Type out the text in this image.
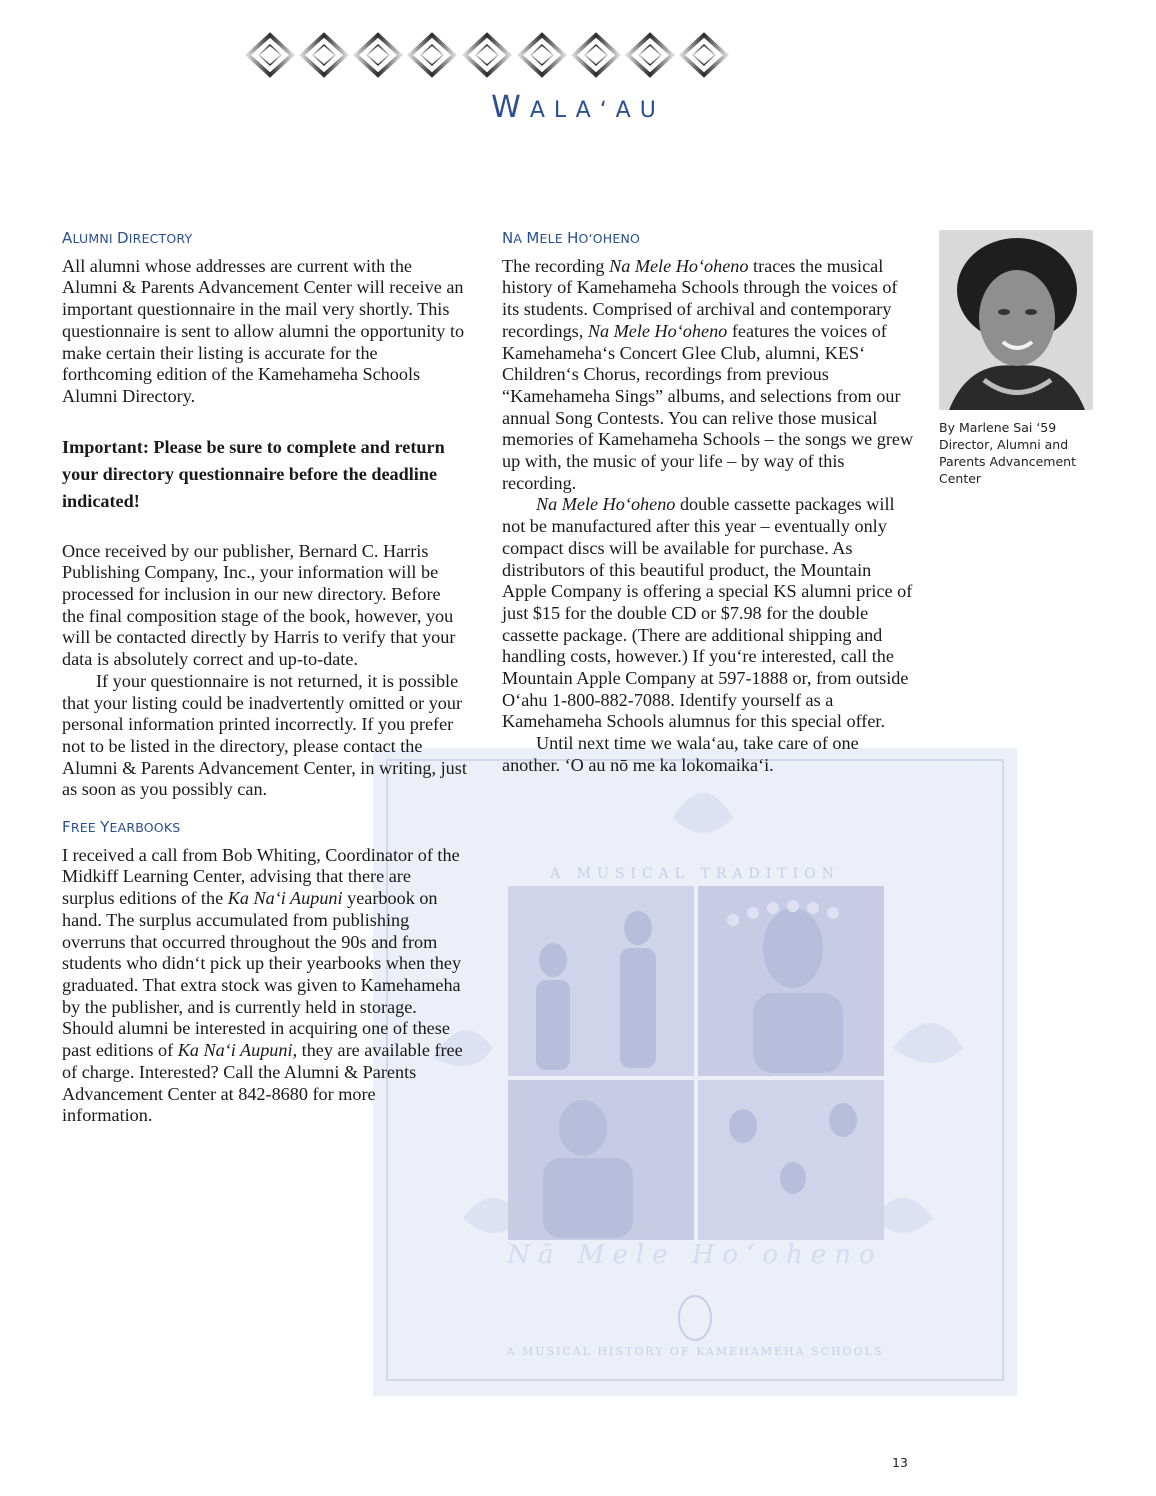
WALA‘AU
A MUSICAL TRADITION
Nā Mele Ho‘oheno
A MUSICAL HISTORY OF KAMEHAMEHA SCHOOLS
ALUMNI DIRECTORY

All alumni whose addresses are current with the Alumni & Parents Advancement Center will receive an important questionnaire in the mail very shortly. This questionnaire is sent to allow alumni the opportunity to make certain their listing is accurate for the forthcoming edition of the Kamehameha Schools Alumni Directory.

Important: Please be sure to complete and return your directory questionnaire before the deadline indicated!

Once received by our publisher, Bernard C. Harris Publishing Company, Inc., your information will be processed for inclusion in our new directory. Before the final composition stage of the book, however, you will be contacted directly by Harris to verify that your data is absolutely correct and up-to-date.

If your questionnaire is not returned, it is possible that your listing could be inadvertently omitted or your personal information printed incorrectly. If you prefer not to be listed in the directory, please contact the Alumni & Parents Advancement Center, in writing, just as soon as you possibly can.

FREE YEARBOOKS

I received a call from Bob Whiting, Coordinator of the Midkiff Learning Center, advising that there are surplus editions of the Ka Na‘i Aupuni yearbook on hand. The surplus accumulated from publishing overruns that occurred throughout the 90s and from students who didn‘t pick up their yearbooks when they graduated. That extra stock was given to Kamehameha by the publisher, and is currently held in storage. Should alumni be interested in acquiring one of these past editions of Ka Na‘i Aupuni, they are available free of charge. Interested? Call the Alumni & Parents Advancement Center at 842-8680 for more information.

NA MELE HO‘OHENO

The recording Na Mele Ho‘oheno traces the musical history of Kamehameha Schools through the voices of its students. Comprised of archival and contemporary recordings, Na Mele Ho‘oheno features the voices of Kamehameha‘s Concert Glee Club, alumni, KES‘ Children‘s Chorus, recordings from previous “Kamehameha Sings” albums, and selections from our annual Song Contests. You can relive those musical memories of Kamehameha Schools – the songs we grew up with, the music of your life – by way of this recording.

Na Mele Ho‘oheno double cassette packages will not be manufactured after this year – eventually only compact discs will be available for purchase. As distributors of this beautiful product, the Mountain Apple Company is offering a special KS alumni price of just $15 for the double CD or $7.98 for the double cassette package. (There are additional shipping and handling costs, however.) If you‘re interested, call the Mountain Apple Company at 597-1888 or, from outside O‘ahu 1-800-882-7088. Identify yourself as a Kamehameha Schools alumnus for this special offer.

Until next time we wala‘au, take care of one another. ‘O au nō me ka lokomaika‘i.

By Marlene Sai ‘59
Director, Alumni and
Parents Advancement
Center
13
